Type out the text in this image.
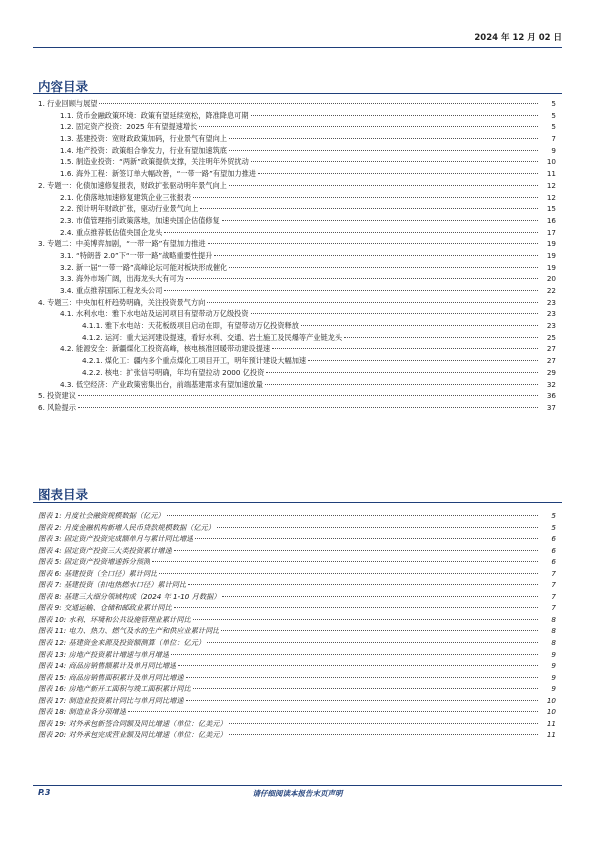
2024 年 12 月 02 日
内容目录
1. 行业回顾与展望	5
1.1. 货币金融政策环境：政策有望延续宽松，降准降息可期	5
1.2. 固定资产投资：2025 年有望提速增长	5
1.3. 基建投资：宽财政政策加码，行业景气有望向上	7
1.4. 地产投资：政策组合拳发力，行业有望加速筑底	9
1.5. 制造业投资：“两新”政策提供支撑，关注明年外贸扰动	10
1.6. 海外工程：新签订单大幅改善，“一带一路”有望加力推进	11
2. 专题一：化债加速修复报表，财政扩张驱动明年景气向上	12
2.1. 化债落地加速修复建筑企业三张报表	12
2.2. 预计明年财政扩张，驱动行业景气向上	15
2.3. 市值管理指引政策落地，加速央国企估值修复	16
2.4. 重点推荐低估值央国企龙头	17
3. 专题二：中美博弈加剧，“一带一路”有望加力推进	19
3.1. “特朗普 2.0”下“一带一路”战略重要性提升	19
3.2. 新一届“一带一路”高峰论坛可能对板块形成催化	19
3.3. 海外市场广阔，出海龙头大有可为	20
3.4. 重点推荐国际工程龙头公司	22
4. 专题三：中央加杠杆趋势明确，关注投资景气方向	23
4.1. 水利水电：雅下水电站及运河项目有望带动万亿级投资	23
4.1.1. 雅下水电站：天花板级项目启动在即，有望带动万亿投资释放	23
4.1.2. 运河：重大运河建设提速，看好水利、交通、岩土施工及民爆等产业链龙头	25
4.2. 能源安全：新疆煤化工投资高峰，核电核准回暖带动建设提速	27
4.2.1. 煤化工：疆内多个重点煤化工项目开工，明年预计建设大幅加速	27
4.2.2. 核电：扩张信号明确，年均有望拉动 2000 亿投资	29
4.3. 低空经济：产业政策密集出台，前端基建需求有望加速放量	32
5. 投资建议	36
6. 风险提示	37
图表目录
图表 1: 月度社会融资规模数据（亿元）	5
图表 2: 月度金融机构新增人民币贷款规模数据（亿元）	5
图表 3: 固定资产投资完成额单月与累计同比增速	6
图表 4: 固定资产投资三大类投资累计增速	6
图表 5: 固定资产投资增速拆分预测	6
图表 6: 基建投资（全口径）累计同比	7
图表 7: 基建投资（扣电热燃水口径）累计同比	7
图表 8: 基建三大细分领域构成（2024 年 1-10 月数据）	7
图表 9: 交通运输、仓储和邮政业累计同比	7
图表 10: 水利、环境和公共设施管理业累计同比	8
图表 11: 电力、热力、燃气及水的生产和供应业累计同比	8
图表 12: 基建资金来源及投资额测算（单位：亿元）	8
图表 13: 房地产投资累计增速与单月增速	9
图表 14: 商品房销售额累计及单月同比增速	9
图表 15: 商品房销售面积累计及单月同比增速	9
图表 16: 房地产新开工面积与竣工面积累计同比	9
图表 17: 制造业投资累计同比与单月同比增速	10
图表 18: 制造业各分项增速	10
图表 19: 对外承包新签合同额及同比增速（单位：亿美元）	11
图表 20: 对外承包完成营业额及同比增速（单位：亿美元）	11
P.3	请仔细阅读本报告末页声明
